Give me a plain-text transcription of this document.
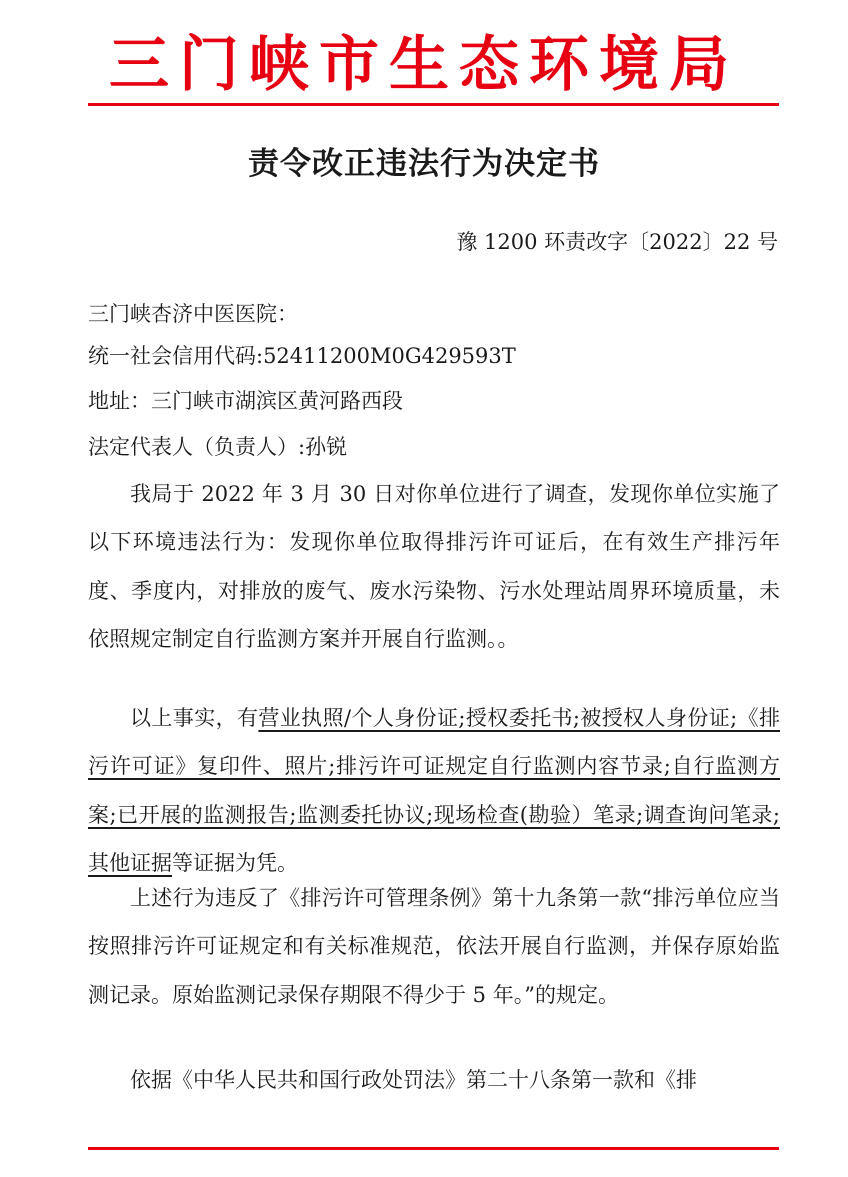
三门峡市生态环境局
责令改正违法行为决定书
豫 1200 环责改字〔2022〕22 号
三门峡杏济中医医院：
统一社会信用代码:52411200M0G429593T
地址：三门峡市湖滨区黄河路西段
法定代表人（负责人）:孙锐
我局于 2022 年 3 月 30 日对你单位进行了调查，发现你单位实施了以下环境违法行为：发现你单位取得排污许可证后，在有效生产排污年度、季度内，对排放的废气、废水污染物、污水处理站周界环境质量，未依照规定制定自行监测方案并开展自行监测。。
以上事实，有营业执照/个人身份证;授权委托书;被授权人身份证;《排污许可证》复印件、照片;排污许可证规定自行监测内容节录;自行监测方案;已开展的监测报告;监测委托协议;现场检查(勘验）笔录;调查询问笔录;其他证据等证据为凭。
上述行为违反了《排污许可管理条例》第十九条第一款“排污单位应当按照排污许可证规定和有关标准规范，依法开展自行监测，并保存原始监测记录。原始监测记录保存期限不得少于 5 年。”的规定。
依据《中华人民共和国行政处罚法》第二十八条第一款和《排
